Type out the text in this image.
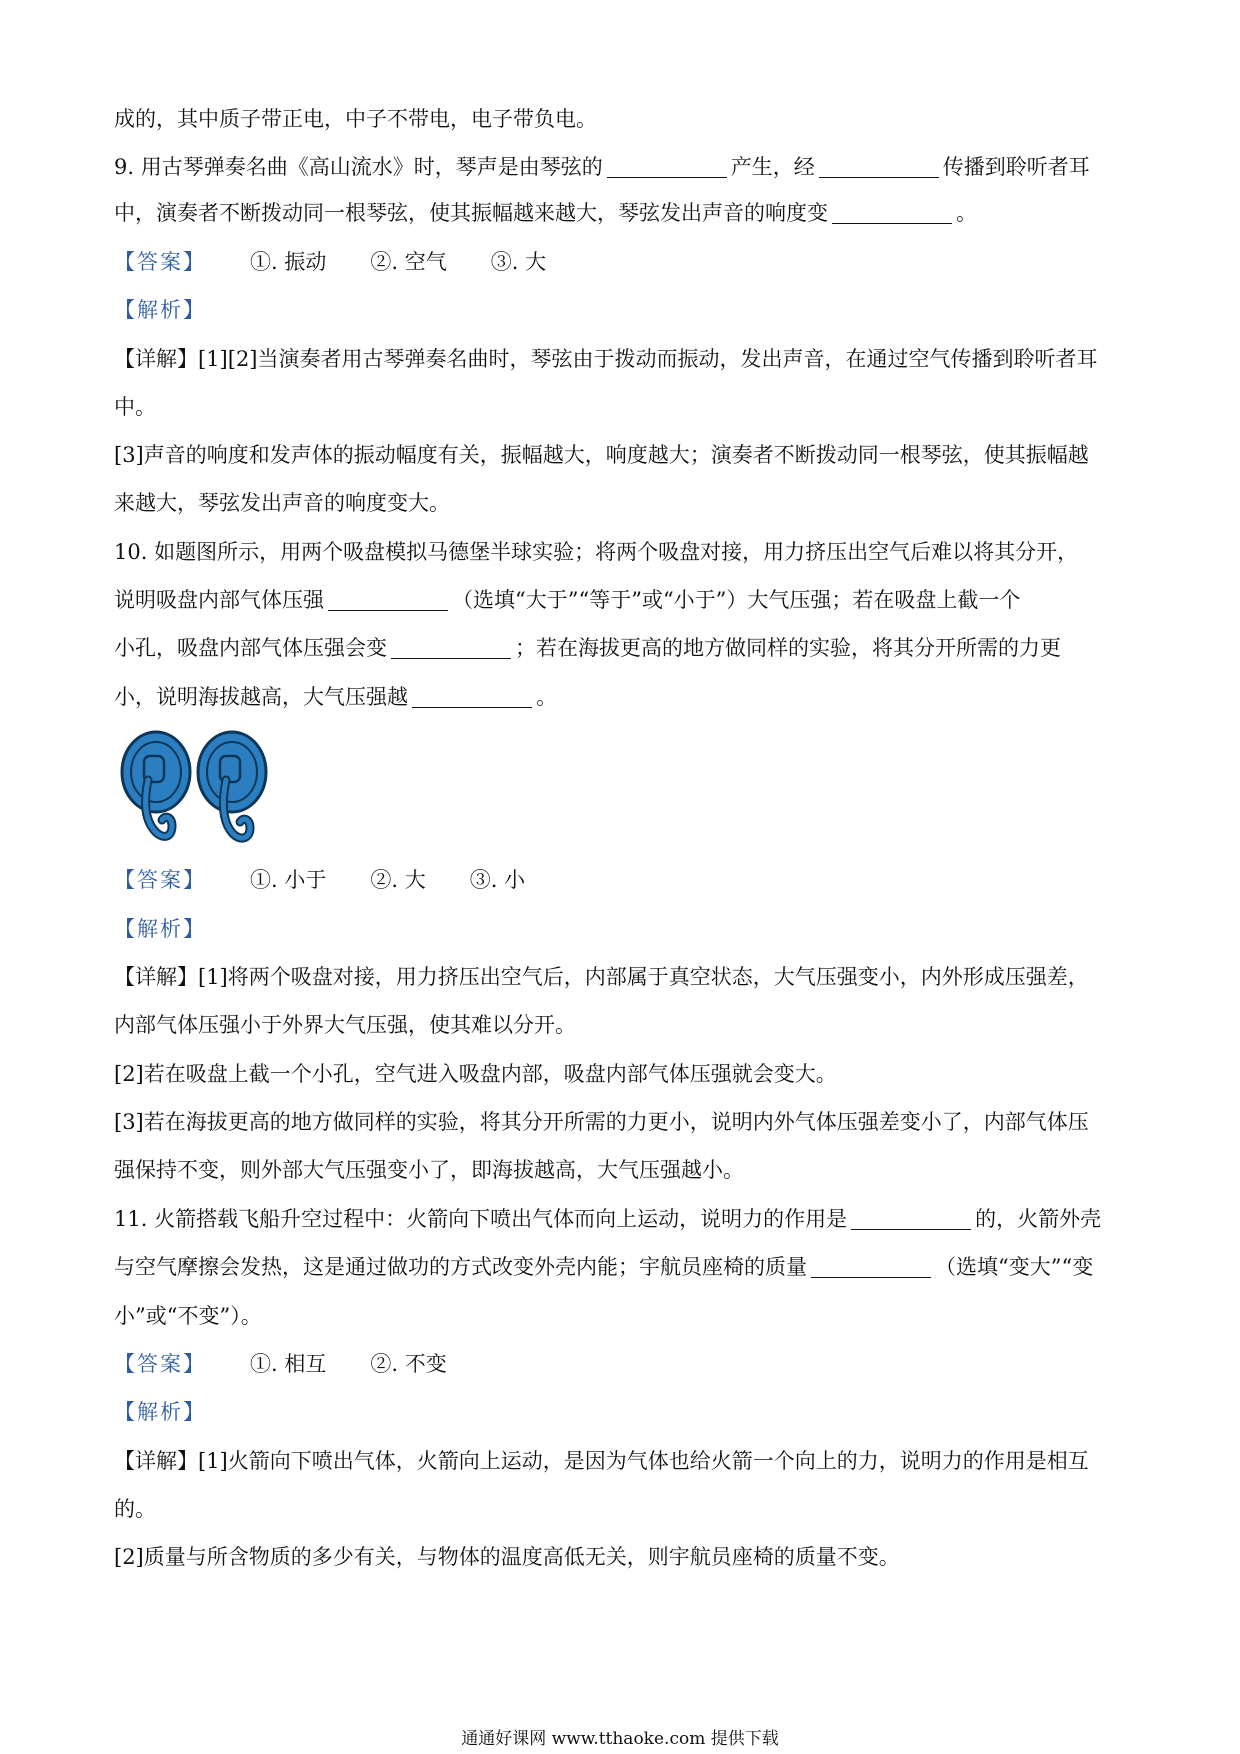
成的，其中质子带正电，中子不带电，电子带负电。
9. 用古琴弹奏名曲《高山流水》时，琴声是由琴弦的	产生，经	传播到聆听者耳
中，演奏者不断拨动同一根琴弦，使其振幅越来越大，琴弦发出声音的响度变	。
【答案】 ①. 振动 ②. 空气 ③. 大
【解析】
【详解】[1][2]当演奏者用古琴弹奏名曲时，琴弦由于拨动而振动，发出声音，在通过空气传播到聆听者耳
中。
[3]声音的响度和发声体的振动幅度有关，振幅越大，响度越大；演奏者不断拨动同一根琴弦，使其振幅越
来越大，琴弦发出声音的响度变大。
10. 如题图所示，用两个吸盘模拟马德堡半球实验；将两个吸盘对接，用力挤压出空气后难以将其分开，
说明吸盘内部气体压强	（选填“大于”“等于”或“小于”）大气压强；若在吸盘上截一个
小孔，吸盘内部气体压强会变	；若在海拔更高的地方做同样的实验，将其分开所需的力更
小，说明海拔越高，大气压强越	。
【答案】 ①. 小于 ②. 大 ③. 小
【解析】
【详解】[1]将两个吸盘对接，用力挤压出空气后，内部属于真空状态，大气压强变小，内外形成压强差，
内部气体压强小于外界大气压强，使其难以分开。
[2]若在吸盘上截一个小孔，空气进入吸盘内部，吸盘内部气体压强就会变大。
[3]若在海拔更高的地方做同样的实验，将其分开所需的力更小，说明内外气体压强差变小了，内部气体压
强保持不变，则外部大气压强变小了，即海拔越高，大气压强越小。
11. 火箭搭载飞船升空过程中：火箭向下喷出气体而向上运动，说明力的作用是	的，火箭外壳
与空气摩擦会发热，这是通过做功的方式改变外壳内能；宇航员座椅的质量	（选填“变大”“变
小”或“不变”）。
【答案】 ①. 相互 ②. 不变
【解析】
【详解】[1]火箭向下喷出气体，火箭向上运动，是因为气体也给火箭一个向上的力，说明力的作用是相互
的。
[2]质量与所含物质的多少有关，与物体的温度高低无关，则宇航员座椅的质量不变。
通通好课网 www.tthaoke.com 提供下载
